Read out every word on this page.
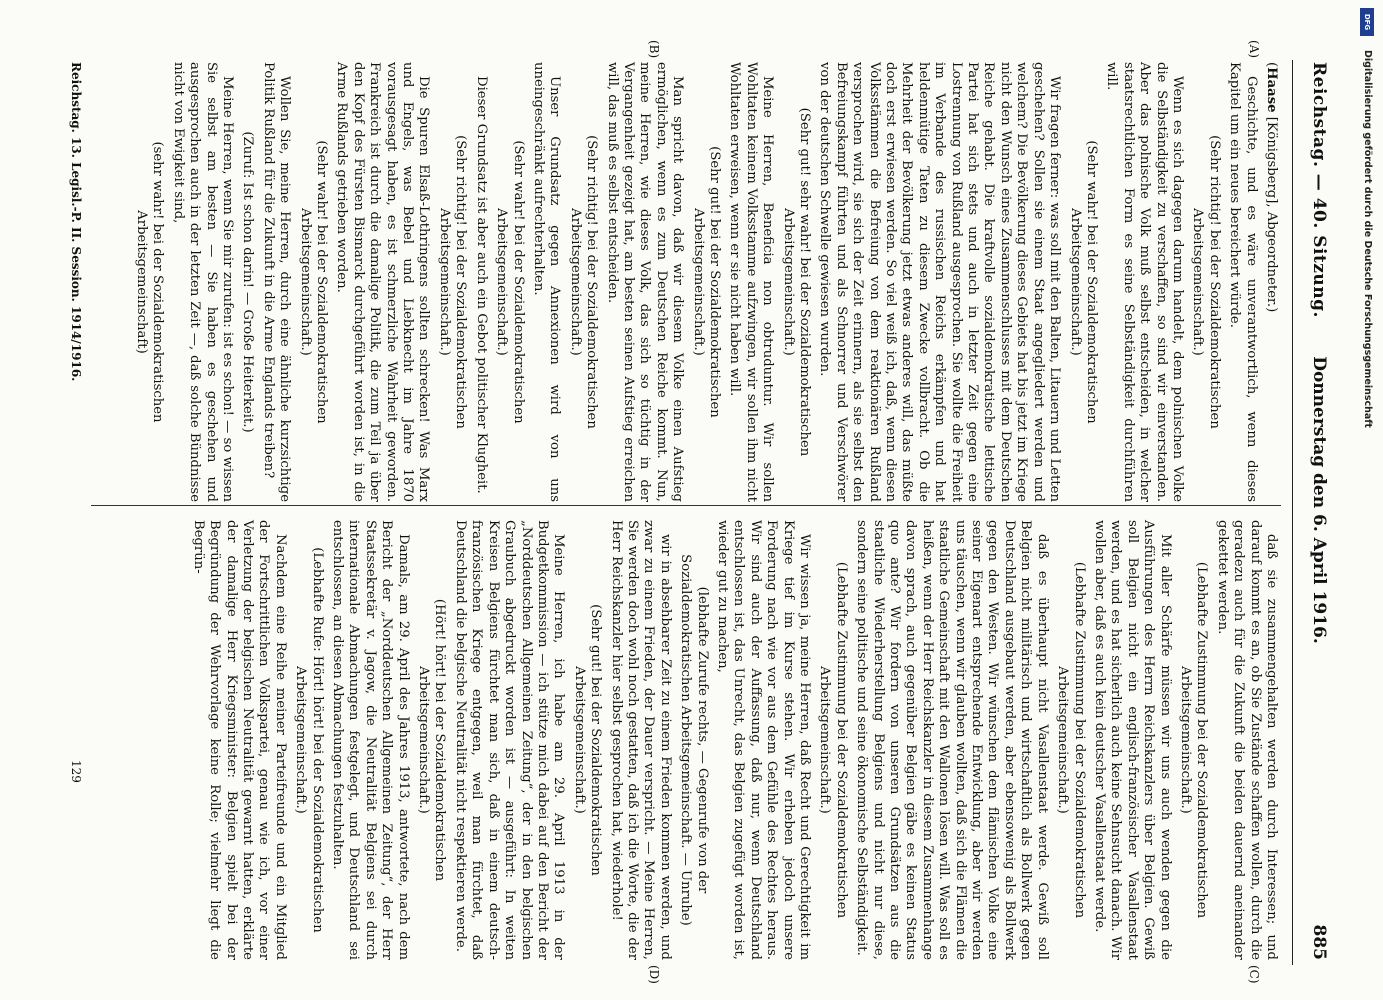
Reichstag. — 40. Sitzung.
Donnerstag den 6. April 1916.
885
(A)
(B)
(C)
(D)

(Haase [Königsberg], Abgeordneter.)

Geschichte, und es wäre unverantwortlich, wenn dieses Kapitel um ein neues bereichert würde.

(Sehr richtig! bei der Sozialdemokratischen Arbeitsgemeinschaft.)

Wenn es sich dagegen darum handelt, dem polnischen Volke die Selbständigkeit zu verschaffen, so sind wir einverstanden. Aber das polnische Volk muß selbst entscheiden, in welcher staatsrechtlichen Form es seine Selbständigkeit durchführen will.

(Sehr wahr! bei der Sozialdemokratischen Arbeitsgemeinschaft.)

Wir fragen ferner: was soll mit den Balten, Litauern und Letten geschehen? Sollen sie einem Staat angegliedert werden und welchem? Die Bevölkerung dieses Gebiets hat bis jetzt im Kriege nicht den Wunsch eines Zusammenschlusses mit dem Deutschen Reiche gehabt. Die kraftvolle sozialdemokratische lettische Partei hat sich stets und auch in letzter Zeit gegen eine Lostrennung von Rußland ausgesprochen. Sie wollte die Freiheit im Verbande des russischen Reichs erkämpfen und hat heldenmütige Taten zu diesem Zwecke vollbracht. Ob die Mehrheit der Bevölkerung jetzt etwas anderes will, das müßte doch erst erwiesen werden. So viel weiß ich, daß, wenn diesen Volksstämmen die Befreiung von dem reaktionären Rußland versprochen wird, sie sich der Zeit erinnern, als sie selbst den Befreiungskampf führten und als Schnorrer und Verschwörer von der deutschen Schwelle gewiesen wurden.

(Sehr gut! sehr wahr! bei der Sozialdemokratischen Arbeitsgemeinschaft.)

Meine Herren, Beneficia non obtruduntur. Wir sollen Wohltaten keinem Volksstamme aufzwingen, wir sollen ihm nicht Wohltaten erweisen, wenn er sie nicht haben will.

(Sehr gut! bei der Sozialdemokratischen Arbeitsgemeinschaft.)

Man spricht davon, daß wir diesem Volke einen Aufstieg ermöglichen, wenn es zum Deutschen Reiche kommt. Nun, meine Herren, wie dieses Volk, das sich so tüchtig in der Vergangenheit gezeigt hat, am besten seinen Aufstieg erreichen will, das muß es selbst entscheiden.

(Sehr richtig! bei der Sozialdemokratischen Arbeitsgemeinschaft.)

Unser Grundsatz gegen Annexionen wird von uns uneingeschränkt aufrechterhalten.

(Sehr wahr! bei der Sozialdemokratischen Arbeitsgemeinschaft.)

Dieser Grundsatz ist aber auch ein Gebot politischer Klugheit.

(Sehr richtig! bei der Sozialdemokratischen Arbeitsgemeinschaft.)

Die Spuren Elsaß-Lothringens sollten schrecken! Was Marx und Engels, was Bebel und Liebknecht im Jahre 1870 vorausgesagt haben, es ist schmerzliche Wahrheit geworden. Frankreich ist durch die damalige Politik, die zum Teil ja über den Kopf des Fürsten Bismarck durchgeführt worden ist, in die Arme Rußlands getrieben worden.

(Sehr wahr! bei der Sozialdemokratischen Arbeitsgemeinschaft.)

Wollen Sie, meine Herren, durch eine ähnliche kurzsichtige Politik Rußland für die Zukunft in die Arme Englands treiben?

(Zuruf: Ist schon darin! — Große Heiterkeit.)

Meine Herren, wenn Sie mir zurufen: ist es schon! — so wissen Sie selbst am besten — Sie haben es geschehen und ausgesprochen auch in der letzten Zeit —, daß solche Bündnisse nicht von Ewigkeit sind,

(sehr wahr! bei der Sozialdemokratischen Arbeitsgemeinschaft)

daß sie zusammengehalten werden durch Interessen; und darauf kommt es an, ob Sie Zustände schaffen wollen, durch die geradezu auch für die Zukunft die beiden dauernd aneinander gekettet werden.

(Lebhafte Zustimmung bei der Sozialdemokratischen Arbeitsgemeinschaft.)

Mit aller Schärfe müssen wir uns auch wenden gegen die Ausführungen des Herrn Reichskanzlers über Belgien. Gewiß soll Belgien nicht ein englisch-französischer Vasallenstaat werden, und es hat sicherlich auch keine Sehnsucht danach. Wir wollen aber, daß es auch kein deutscher Vasallenstaat werde.

(Lebhafte Zustimmung bei der Sozialdemokratischen Arbeitsgemeinschaft.)

daß es überhaupt nicht Vasallenstaat werde. Gewiß soll Belgien nicht militärisch und wirtschaftlich als Bollwerk gegen Deutschland ausgebaut werden, aber ebensowenig als Bollwerk gegen den Westen. Wir wünschen dem flämischen Volke eine seiner Eigenart entsprechende Entwicklung, aber wir werden uns täuschen, wenn wir glauben wollten, daß sich die Flämen die staatliche Gemeinschaft mit den Wallonen lösen will. Was soll es heißen, wenn der Herr Reichskanzler in diesem Zusammenhange davon sprach, auch gegenüber Belgien gäbe es keinen Status quo ante? Wir fordern von unseren Grundsätzen aus die staatliche Wiederherstellung Belgiens und nicht nur diese, sondern seine politische und seine ökonomische Selbständigkeit.

(Lebhafte Zustimmung bei der Sozialdemokratischen Arbeitsgemeinschaft.)

Wir wissen ja, meine Herren, daß Recht und Gerechtigkeit im Kriege tief im Kurse stehen. Wir erheben jedoch unsere Forderung nach wie vor aus dem Gefühle des Rechtes heraus. Wir sind auch der Auffassung, daß nur, wenn Deutschland entschlossen ist, das Unrecht, das Belgien zugefügt worden ist, wieder gut zu machen,

(lebhafte Zurufe rechts, — Gegenrufe von der Sozialdemokratischen Arbeitsgemeinschaft. — Unruhe)

wir in absehbarer Zeit zu einem Frieden kommen werden, und zwar zu einem Frieden, der Dauer verspricht. — Meine Herren, Sie werden doch wohl noch gestatten, daß ich die Worte, die der Herr Reichskanzler hier selbst gesprochen hat, wiederhole!

(Sehr gut! bei der Sozialdemokratischen Arbeitsgemeinschaft.)

Meine Herren, ich habe am 29. April 1913 in der Budgetkommission — ich stütze mich dabei auf den Bericht der „Norddeutschen Allgemeinen Zeitung“, der in den belgischen Graubuch abgedruckt worden ist — ausgeführt: In weiten Kreisen Belgiens fürchtet man sich, daß in einem deutsch-französischen Kriege entgegen, weil man fürchtet, daß Deutschland die belgische Neutralität nicht respektieren werde.

(Hört! hört! bei der Sozialdemokratischen Arbeitsgemeinschaft.)

Damals, am 29. April des Jahres 1913, antwortete, nach dem Bericht der „Norddeutschen Allgemeinen Zeitung“, der Herr Staatssekretär v. Jagow, die Neutralität Belgiens sei durch internationale Abmachungen festgelegt, und Deutschland sei entschlossen, an diesen Abmachungen festzuhalten.

(Lebhafte Rufe: Hört! hört! bei der Sozialdemokratischen Arbeitsgemeinschaft.)

Nachdem eine Reihe meiner Parteifreunde und ein Mitglied der Fortschrittlichen Volkspartei, genau wie ich, vor einer Verletzung der belgischen Neutralität gewarnt hatten, erklärte der damalige Herr Kriegsminister: Belgien spielt bei der Begründung der Wehrvorlage keine Rolle; vielmehr liegt die Begrün-

Reichstag. 13. Legisl.-P. II. Session. 1914/1916.
129
Digitalisierung gefördert durch die Deutsche Forschungsgemeinschaft
DFG
